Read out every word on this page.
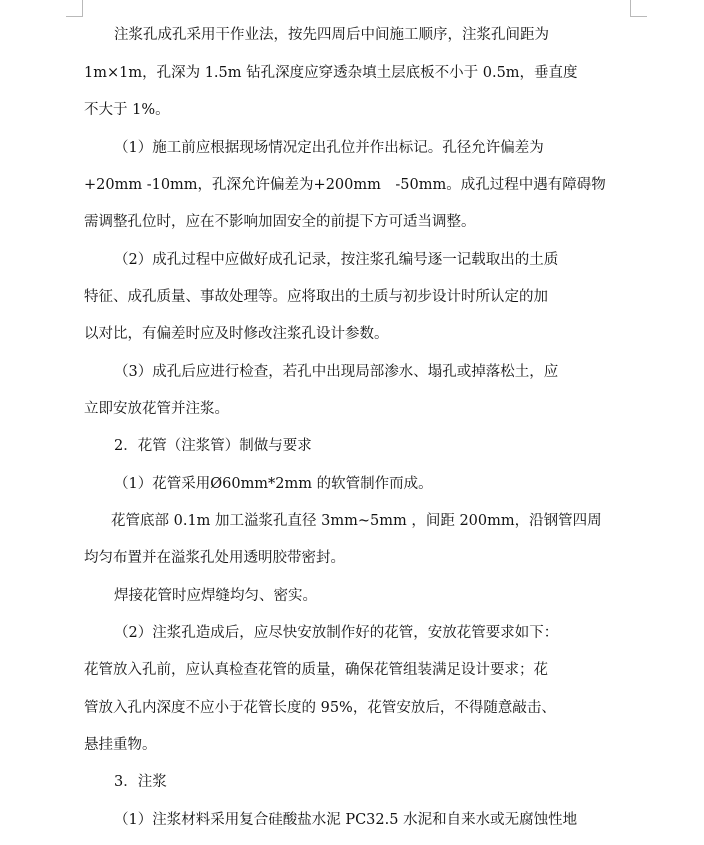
注浆孔成孔采用干作业法，按先四周后中间施工顺序，注浆孔间距为
1m×1m，孔深为 1.5m 钻孔深度应穿透杂填土层底板不小于 0.5m，垂直度
不大于 1%。
（1）施工前应根据现场情况定出孔位并作出标记。孔径允许偏差为
+20mm -10mm，孔深允许偏差为+200mm　-50mm。成孔过程中遇有障碍物
需调整孔位时，应在不影响加固安全的前提下方可适当调整。
（2）成孔过程中应做好成孔记录，按注浆孔编号逐一记载取出的土质
特征、成孔质量、事故处理等。应将取出的土质与初步设计时所认定的加
以对比，有偏差时应及时修改注浆孔设计参数。
（3）成孔后应进行检查，若孔中出现局部渗水、塌孔或掉落松土，应
立即安放花管并注浆。
2．花管（注浆管）制做与要求
（1）花管采用Ø60mm*2mm 的软管制作而成。
花管底部 0.1m 加工溢浆孔直径 3mm~5mm ，间距 200mm，沿钢管四周
均匀布置并在溢浆孔处用透明胶带密封。
焊接花管时应焊缝均匀、密实。
（2）注浆孔造成后，应尽快安放制作好的花管，安放花管要求如下：
花管放入孔前，应认真检查花管的质量，确保花管组装满足设计要求；花
管放入孔内深度不应小于花管长度的 95%，花管安放后，不得随意敲击、
悬挂重物。
3．注浆
（1）注浆材料采用复合硅酸盐水泥 PC32.5 水泥和自来水或无腐蚀性地
